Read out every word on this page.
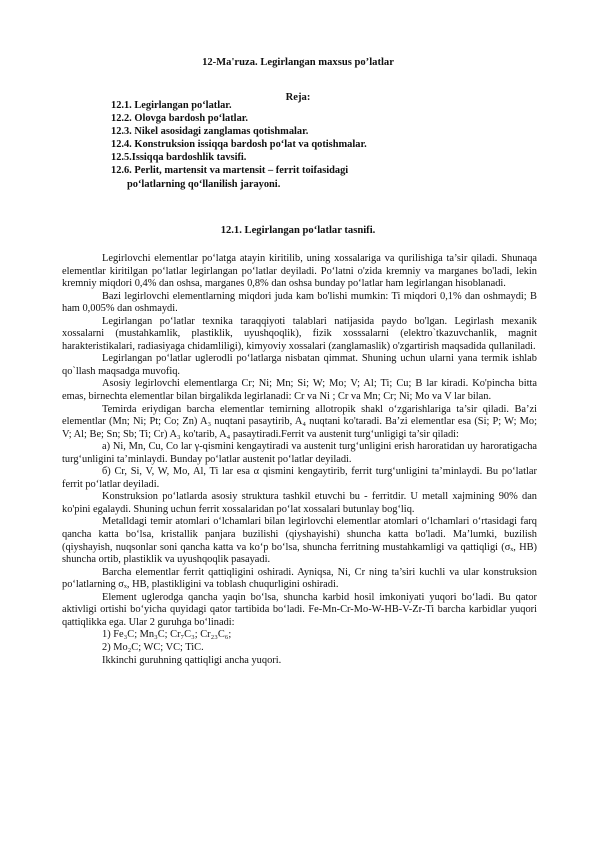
12-Ma'ruza. Legirlangan maxsus po’latlar
Reja:
12.1. Legirlangan po‘latlar.
12.2. Olovga bardosh po‘latlar.
12.3. Nikel asosidagi zanglamas qotishmalar.
12.4. Konstruksion issiqqa bardosh po‘lat va qotishmalar.
12.5.Issiqqa bardoshlik tavsifi.
12.6. Perlit, martensit va martensit – ferrit toifasidagi
po‘latlarning qo‘llanilish jarayoni.
12.1. Legirlangan po‘latlar tasnifi.

Legirlovchi elementlar po‘latga atayin kiritilib, uning xossalariga va qurilishiga ta’sir qiladi. Shunaqa elementlar kiritilgan po‘latlar legirlangan po‘latlar deyiladi. Po‘latni o'zida kremniy va marganes bo'ladi, lekin kremniy miqdori 0,4% dan oshsa, marganes 0,8% dan oshsa bunday po‘latlar ham legirlangan hisoblanadi.

Bazi legirlovchi elementlarning miqdori juda kam bo'lishi mumkin: Ti miqdori 0,1% dan oshmaydi; B ham 0,005% dan oshmaydi.

Legirlangan po‘latlar texnika taraqqiyoti talablari natijasida paydo bo'lgan. Legirlash mexanik xossalarni (mustahkamlik, plastiklik, uyushqoqlik), fizik xosssalarni (elektro`tkazuvchanlik, magnit harakteristikalari, radiasiyaga chidamliligi), kimyoviy xossalari (zanglamaslik) o'zgartirish maqsadida qullaniladi.

Legirlangan po‘latlar uglerodli po‘latlarga nisbatan qimmat. Shuning uchun ularni yana termik ishlab qo`llash maqsadga muvofiq.

Asosiy legirlovchi elementlarga Cr; Ni; Mn; Si; W; Mo; V; Al; Ti; Cu; B lar kiradi. Ko'pincha bitta emas, birnechta elementlar bilan birgalikda legirlanadi: Cr va Ni ; Cr va Mn; Cr; Ni; Mo va V lar bilan.

Temirda eriydigan barcha elementlar temirning allotropik shakl o‘zgarishlariga ta’sir qiladi. Ba’zi elementlar (Mn; Ni; Pt; Co; Zn) A₃ nuqtani pasaytirib, A₄ nuqtani ko'taradi. Ba’zi elementlar esa (Si; P; W; Mo; V; Al; Be; Sn; Sb; Ti; Cr) A₃ ko'tarib, A₄ pasaytiradi.Ferrit va austenit turg‘unligigi ta’sir qiladi:

a) Ni, Mn, Cu, Co lar γ-qismini kengaytiradi va austenit turg‘unligini erish haroratidan uy haroratigacha turg‘unligini ta’minlaydi. Bunday po‘latlar austenit po‘latlar deyiladi.

б) Cr, Si, V, W, Mo, Al, Ti lar esa α qismini kengaytirib, ferrit turg‘unligini ta’minlaydi. Bu po‘latlar ferrit po‘latlar deyiladi.

Konstruksion po‘latlarda asosiy struktura tashkil etuvchi bu - ferritdir. U metall xajmining 90% dan ko'pini egalaydi. Shuning uchun ferrit xossalaridan po‘lat xossalari butunlay bog‘liq.

Metalldagi temir atomlari o‘lchamlari bilan legirlovchi elementlar atomlari o‘lchamlari o‘rtasidagi farq qancha katta bo‘lsa, kristallik panjara buzilishi (qiyshayishi) shuncha katta bo'ladi. Ma’lumki, buzilish (qiyshayish, nuqsonlar soni qancha katta va ko‘p bo‘lsa, shuncha ferritning mustahkamligi va qattiqligi (σₓ, HB) shuncha ortib, plastiklik va uyushqoqlik pasayadi.

Barcha elementlar ferrit qattiqligini oshiradi. Ayniqsa, Ni, Cr ning ta’siri kuchli va ular konstruksion po‘latlarning σₓ, HB, plastikligini va toblash chuqurligini oshiradi.

Element uglerodga qancha yaqin bo‘lsa, shuncha karbid hosil imkoniyati yuqori bo‘ladi. Bu qator aktivligi ortishi bo‘yicha quyidagi qator tartibida bo‘ladi. Fe-Mn-Cr-Mo-W-HB-V-Zr-Ti barcha karbidlar yuqori qattiqlikka ega. Ular 2 guruhga bo‘linadi:

1) Fe₃C; Mn₃C; Cr₇C₃; Cr₂₃C₆;

2) Mo₂C; WC; VC; TiC.

Ikkinchi guruhning qattiqligi ancha yuqori.
